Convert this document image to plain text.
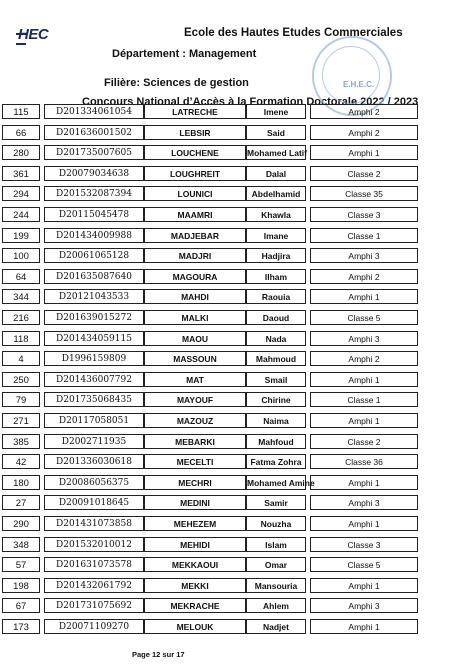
HEC	Ecole des Hautes Etudes Commerciales
Département : Management
Filière: Sciences de gestion
Concours National d’Accès à la Formation Doctorale 2022 / 2023
E.H.E.C.
115	D201334061054	LATRECHE	Imene	Amphi 2
66	D201636001502	LEBSIR	Said	Amphi 2
280	D201735007605	LOUCHENE	Mohamed Latif	Amphi 1
361	D20079034638	LOUGHREIT	Dalal	Classe 2
294	D201532087394	LOUNICI	Abdelhamid	Classe 35
244	D20115045478	MAAMRI	Khawla	Classe 3
199	D201434009988	MADJEBAR	Imane	Classe 1
100	D20061065128	MADJRI	Hadjira	Amphi 3
64	D201635087640	MAGOURA	Ilham	Amphi 2
344	D20121043533	MAHDI	Raouia	Amphi 1
216	D201639015272	MALKI	Daoud	Classe 5
118	D201434059115	MAOU	Nada	Amphi 3
4	D1996159809	MASSOUN	Mahmoud	Amphi 2
250	D201436007792	MAT	Smail	Amphi 1
79	D201735068435	MAYOUF	Chirine	Classe 1
271	D20117058051	MAZOUZ	Naima	Amphi 1
385	D2002711935	MEBARKI	Mahfoud	Classe 2
42	D201336030618	MECELTI	Fatma Zohra	Classe 36
180	D20086056375	MECHRI	Mohamed Amine	Amphi 1
27	D20091018645	MEDINI	Samir	Amphi 3
290	D201431073858	MEHEZEM	Nouzha	Amphi 1
348	D201532010012	MEHIDI	Islam	Classe 3
57	D201631073578	MEKKAOUI	Omar	Classe 5
198	D201432061792	MEKKI	Mansouria	Amphi 1
67	D201731075692	MEKRACHE	Ahlem	Amphi 3
173	D20071109270	MELOUK	Nadjet	Amphi 1
Page 12 sur 17
